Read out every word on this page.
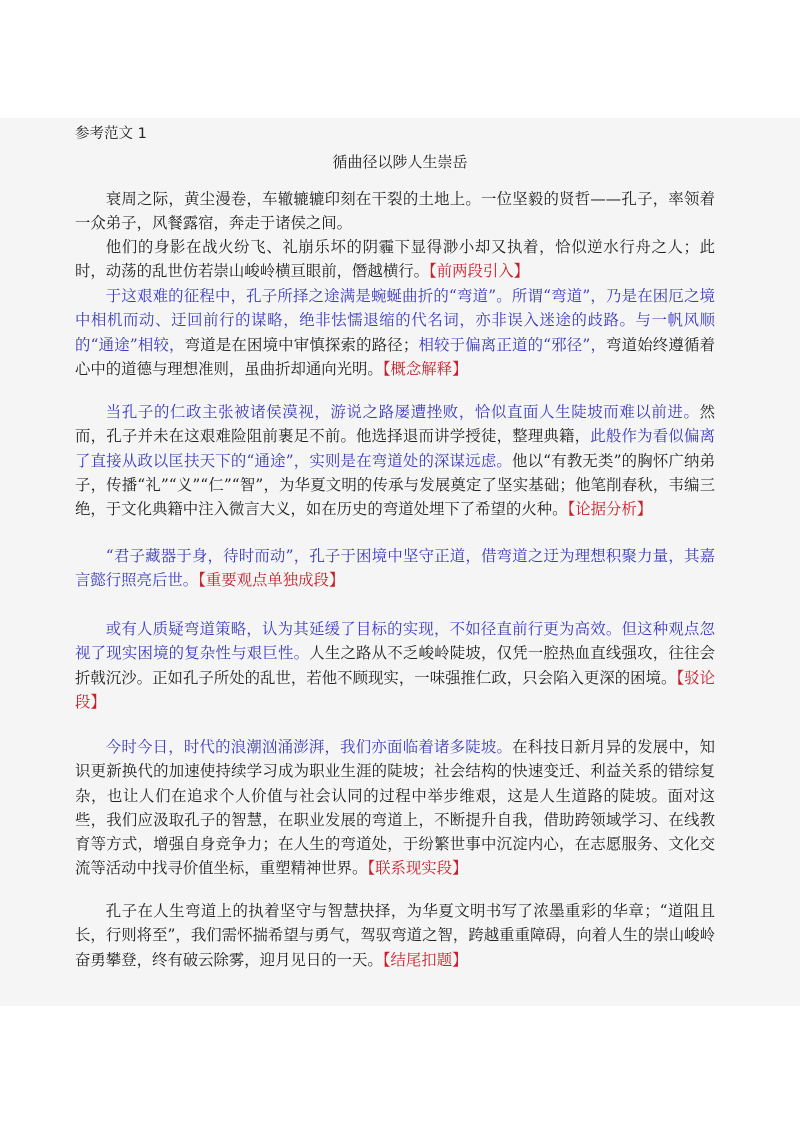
参考范文 1
循曲径以陟人生崇岳

衰周之际，黄尘漫卷，车辙辘辘印刻在干裂的土地上。一位坚毅的贤哲——孔子，率领着一众弟子，风餐露宿，奔走于诸侯之间。

他们的身影在战火纷飞、礼崩乐坏的阴霾下显得渺小却又执着，恰似逆水行舟之人；此时，动荡的乱世仿若崇山峻岭横亘眼前，僭越横行。【前两段引入】

于这艰难的征程中，孔子所择之途满是蜿蜒曲折的“弯道”。所谓“弯道”，乃是在困厄之境中相机而动、迂回前行的谋略，绝非怯懦退缩的代名词，亦非误入迷途的歧路。与一帆风顺的“通途”相较，弯道是在困境中审慎探索的路径；相较于偏离正道的“邪径”，弯道始终遵循着心中的道德与理想准则，虽曲折却通向光明。【概念解释】

当孔子的仁政主张被诸侯漠视，游说之路屡遭挫败，恰似直面人生陡坡而难以前进。然而，孔子并未在这艰难险阻前裹足不前。他选择退而讲学授徒，整理典籍，此般作为看似偏离了直接从政以匡扶天下的“通途”，实则是在弯道处的深谋远虑。他以“有教无类”的胸怀广纳弟子，传播“礼”“义”“仁”“智”，为华夏文明的传承与发展奠定了坚实基础；他笔削春秋，韦编三绝，于文化典籍中注入微言大义，如在历史的弯道处埋下了希望的火种。【论据分析】

“君子藏器于身，待时而动”，孔子于困境中坚守正道，借弯道之迂为理想积聚力量，其嘉言懿行照亮后世。【重要观点单独成段】

或有人质疑弯道策略，认为其延缓了目标的实现，不如径直前行更为高效。但这种观点忽视了现实困境的复杂性与艰巨性。人生之路从不乏峻岭陡坡，仅凭一腔热血直线强攻，往往会折戟沉沙。正如孔子所处的乱世，若他不顾现实，一味强推仁政，只会陷入更深的困境。【驳论段】

今时今日，时代的浪潮汹涌澎湃，我们亦面临着诸多陡坡。在科技日新月异的发展中，知识更新换代的加速使持续学习成为职业生涯的陡坡；社会结构的快速变迁、利益关系的错综复杂，也让人们在追求个人价值与社会认同的过程中举步维艰，这是人生道路的陡坡。面对这些，我们应汲取孔子的智慧，在职业发展的弯道上，不断提升自我，借助跨领域学习、在线教育等方式，增强自身竞争力；在人生的弯道处，于纷繁世事中沉淀内心，在志愿服务、文化交流等活动中找寻价值坐标，重塑精神世界。【联系现实段】

孔子在人生弯道上的执着坚守与智慧抉择，为华夏文明书写了浓墨重彩的华章；“道阻且长，行则将至”，我们需怀揣希望与勇气，驾驭弯道之智，跨越重重障碍，向着人生的崇山峻岭奋勇攀登，终有破云除雾，迎月见日的一天。【结尾扣题】
